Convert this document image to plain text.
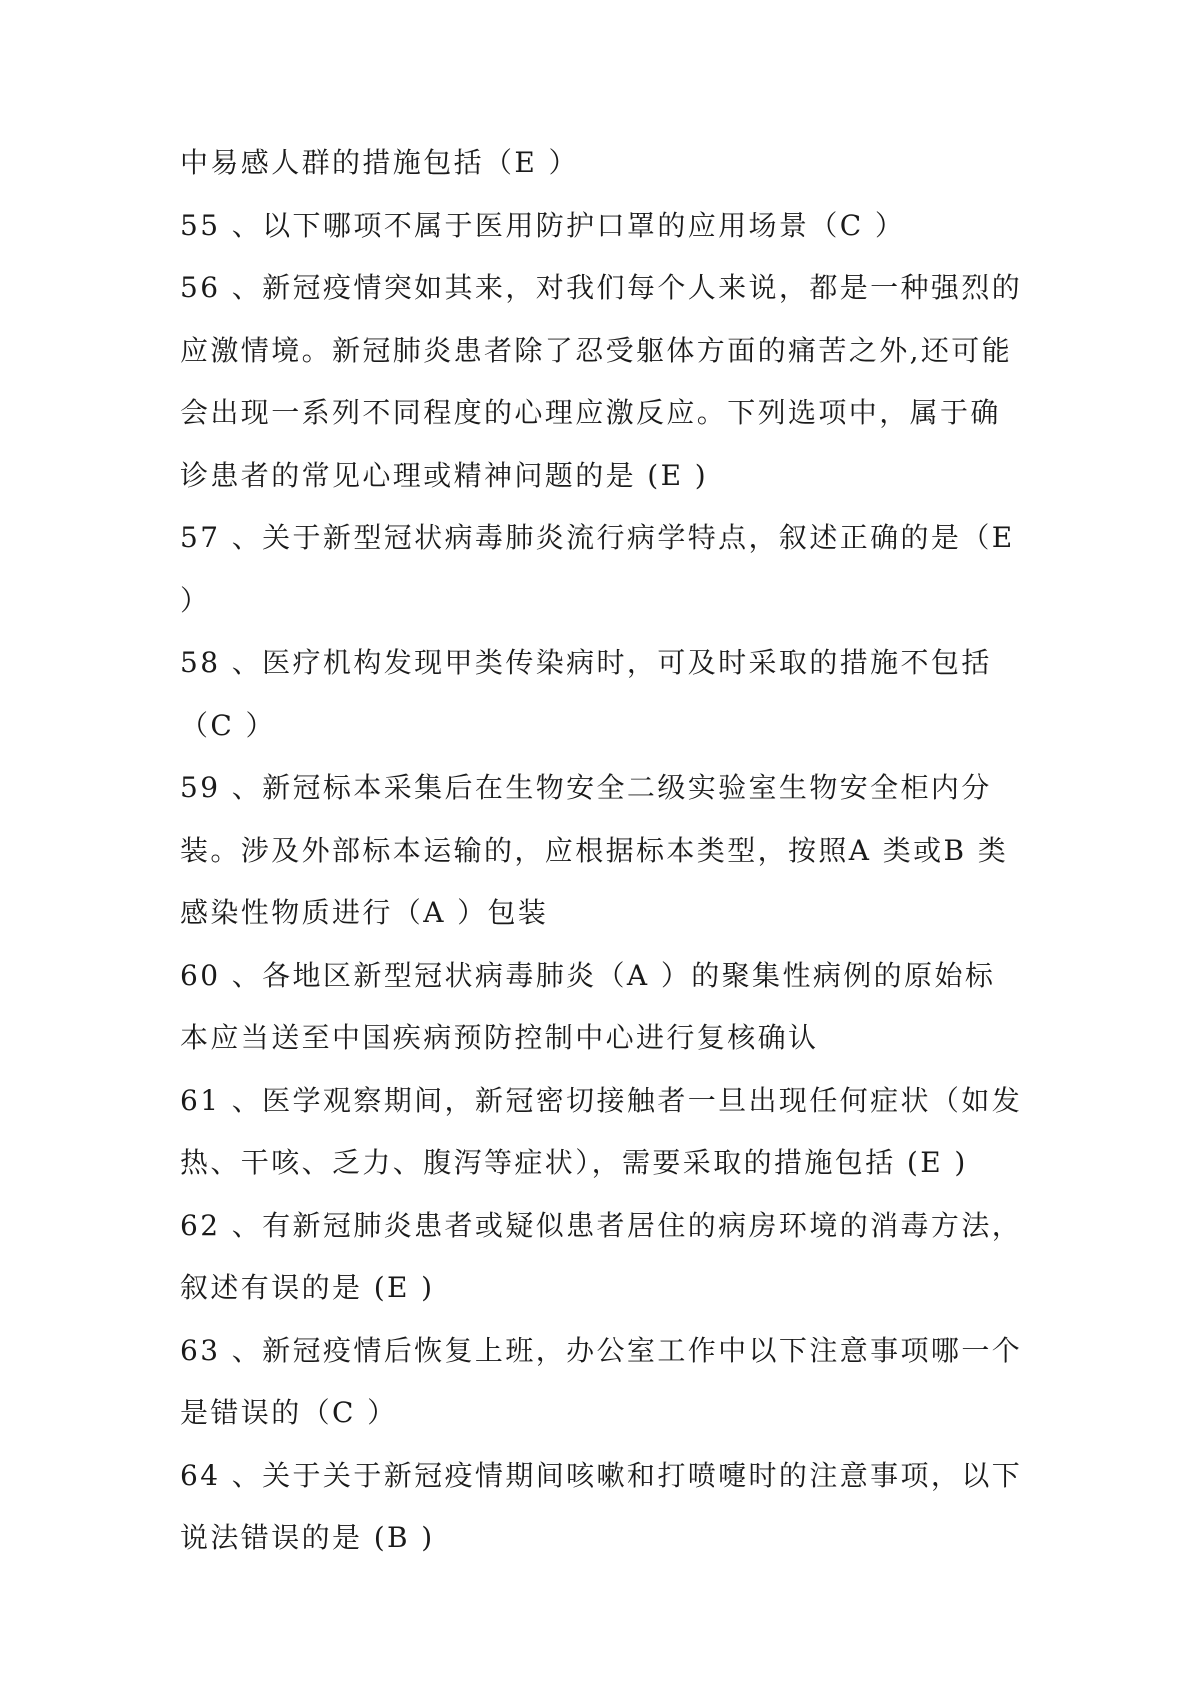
中易感人群的措施包括（E ）

55 、以下哪项不属于医用防护口罩的应用场景（C ）

56 、新冠疫情突如其来，对我们每个人来说，都是一种强烈的应激情境。新冠肺炎患者除了忍受躯体方面的痛苦之外,还可能会出现一系列不同程度的心理应激反应。下列选项中，属于确诊患者的常见心理或精神问题的是 (E )

57 、关于新型冠状病毒肺炎流行病学特点，叙述正确的是（E ）

58 、医疗机构发现甲类传染病时，可及时采取的措施不包括（C ）

59 、新冠标本采集后在生物安全二级实验室生物安全柜内分装。涉及外部标本运输的，应根据标本类型，按照A 类或B 类感染性物质进行（A ）包装

60 、各地区新型冠状病毒肺炎（A ）的聚集性病例的原始标本应当送至中国疾病预防控制中心进行复核确认

61 、医学观察期间，新冠密切接触者一旦出现任何症状（如发热、干咳、乏力、腹泻等症状），需要采取的措施包括 (E )

62 、有新冠肺炎患者或疑似患者居住的病房环境的消毒方法，叙述有误的是 (E )

63 、新冠疫情后恢复上班，办公室工作中以下注意事项哪一个是错误的（C ）

64 、关于关于新冠疫情期间咳嗽和打喷嚏时的注意事项，以下说法错误的是 (B )
